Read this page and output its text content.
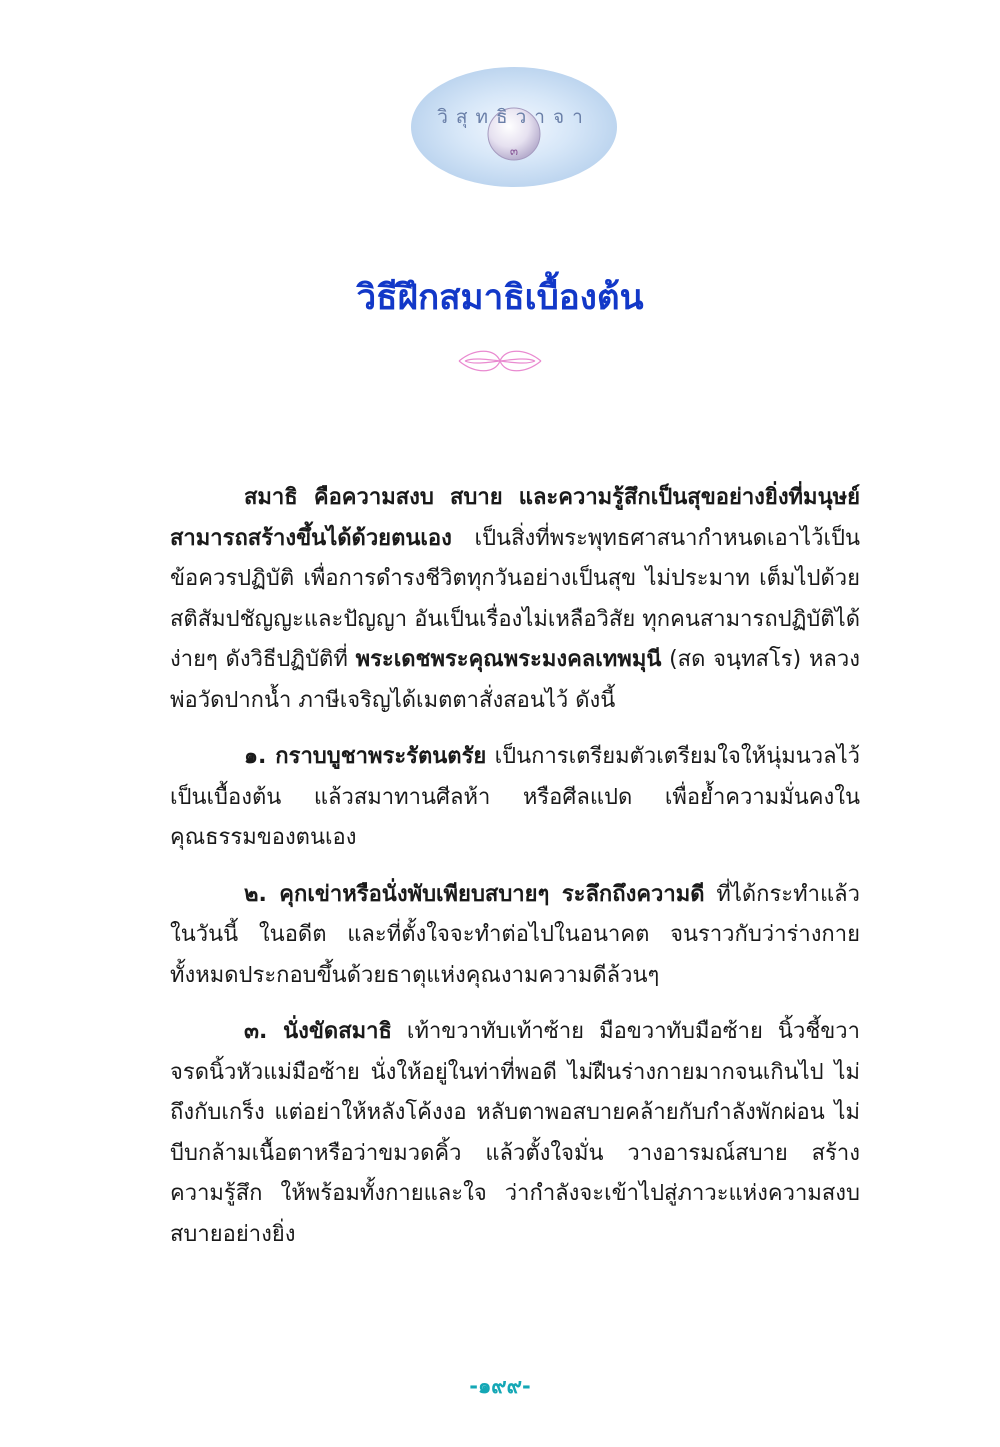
วิสุทธิวาจา
๓
วิธีฝึกสมาธิเบื้องต้น

สมาธิ คือความสงบ สบาย และความรู้สึกเป็นสุขอย่างยิ่งที่มนุษย์สามารถสร้างขึ้นได้ด้วยตนเอง เป็นสิ่งที่พระพุทธศาสนากำหนดเอาไว้เป็นข้อควรปฏิบัติ เพื่อการดำรงชีวิตทุกวันอย่างเป็นสุข ไม่ประมาท เต็มไปด้วยสติสัมปชัญญะและปัญญา อันเป็นเรื่องไม่เหลือวิสัย ทุกคนสามารถปฏิบัติได้ง่ายๆ ดังวิธีปฏิบัติที่ พระเดชพระคุณพระมงคลเทพมุนี (สด จนฺทสโร) หลวงพ่อวัดปากน้ำ ภาษีเจริญได้เมตตาสั่งสอนไว้ ดังนี้

๑. กราบบูชาพระรัตนตรัย เป็นการเตรียมตัวเตรียมใจให้นุ่มนวลไว้เป็นเบื้องต้น แล้วสมาทานศีลห้า หรือศีลแปด เพื่อย้ำความมั่นคงในคุณธรรมของตนเอง

๒. คุกเข่าหรือนั่งพับเพียบสบายๆ ระลึกถึงความดี ที่ได้กระทำแล้วในวันนี้ ในอดีต และที่ตั้งใจจะทำต่อไปในอนาคต จนราวกับว่าร่างกายทั้งหมดประกอบขึ้นด้วยธาตุแห่งคุณงามความดีล้วนๆ

๓. นั่งขัดสมาธิ เท้าขวาทับเท้าซ้าย มือขวาทับมือซ้าย นิ้วชี้ขวาจรดนิ้วหัวแม่มือซ้าย นั่งให้อยู่ในท่าที่พอดี ไม่ฝืนร่างกายมากจนเกินไป ไม่ถึงกับเกร็ง แต่อย่าให้หลังโค้งงอ หลับตาพอสบายคล้ายกับกำลังพักผ่อน ไม่บีบกล้ามเนื้อตาหรือว่าขมวดคิ้ว แล้วตั้งใจมั่น วางอารมณ์สบาย สร้างความรู้สึก ให้พร้อมทั้งกายและใจ ว่ากำลังจะเข้าไปสู่ภาวะแห่งความสงบสบายอย่างยิ่ง

-๑๙๙-
